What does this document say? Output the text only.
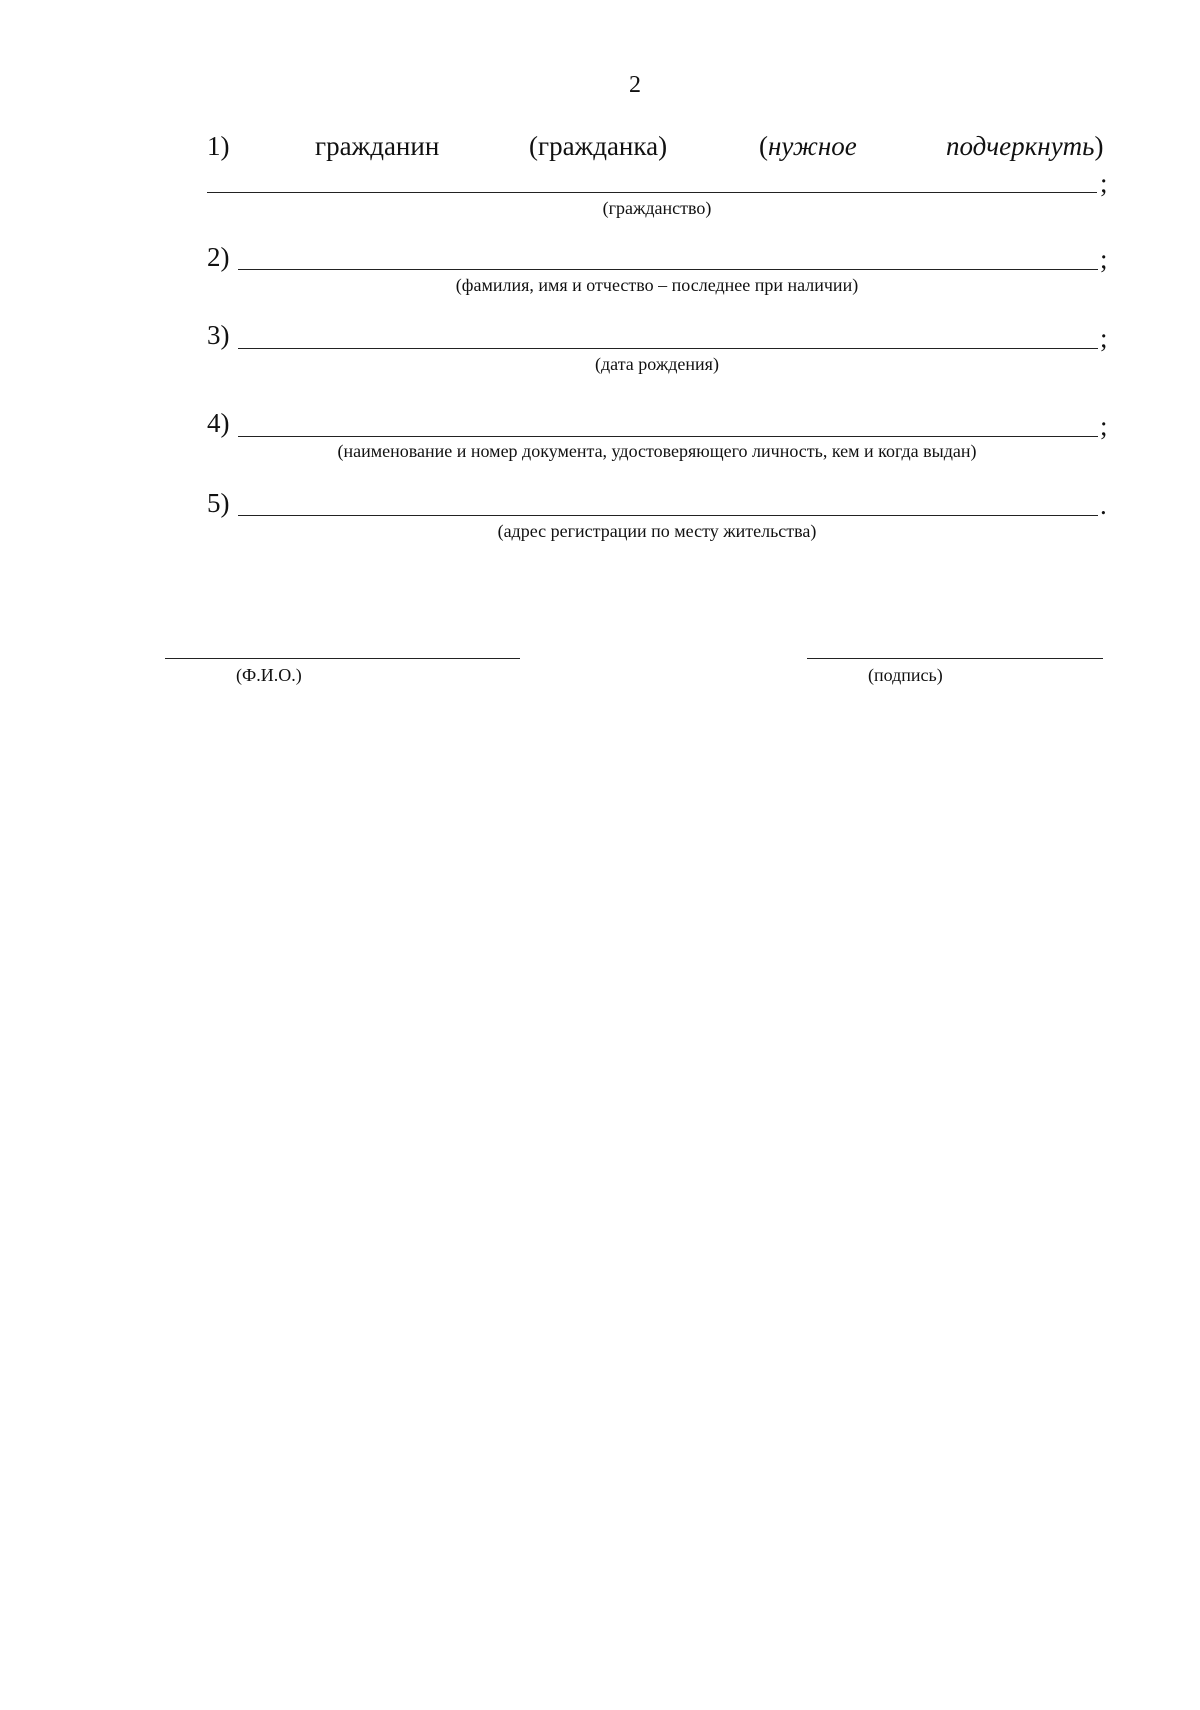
2
1)	гражданин	(гражданка)	(нужное	подчеркнуть)
;
(гражданство)
2)	;
(фамилия, имя и отчество – последнее при наличии)
3)	;
(дата рождения)
4)	;
(наименование и номер документа, удостоверяющего личность, кем и когда выдан)
5)	.
(адрес регистрации по месту жительства)
(Ф.И.О.)	(подпись)
